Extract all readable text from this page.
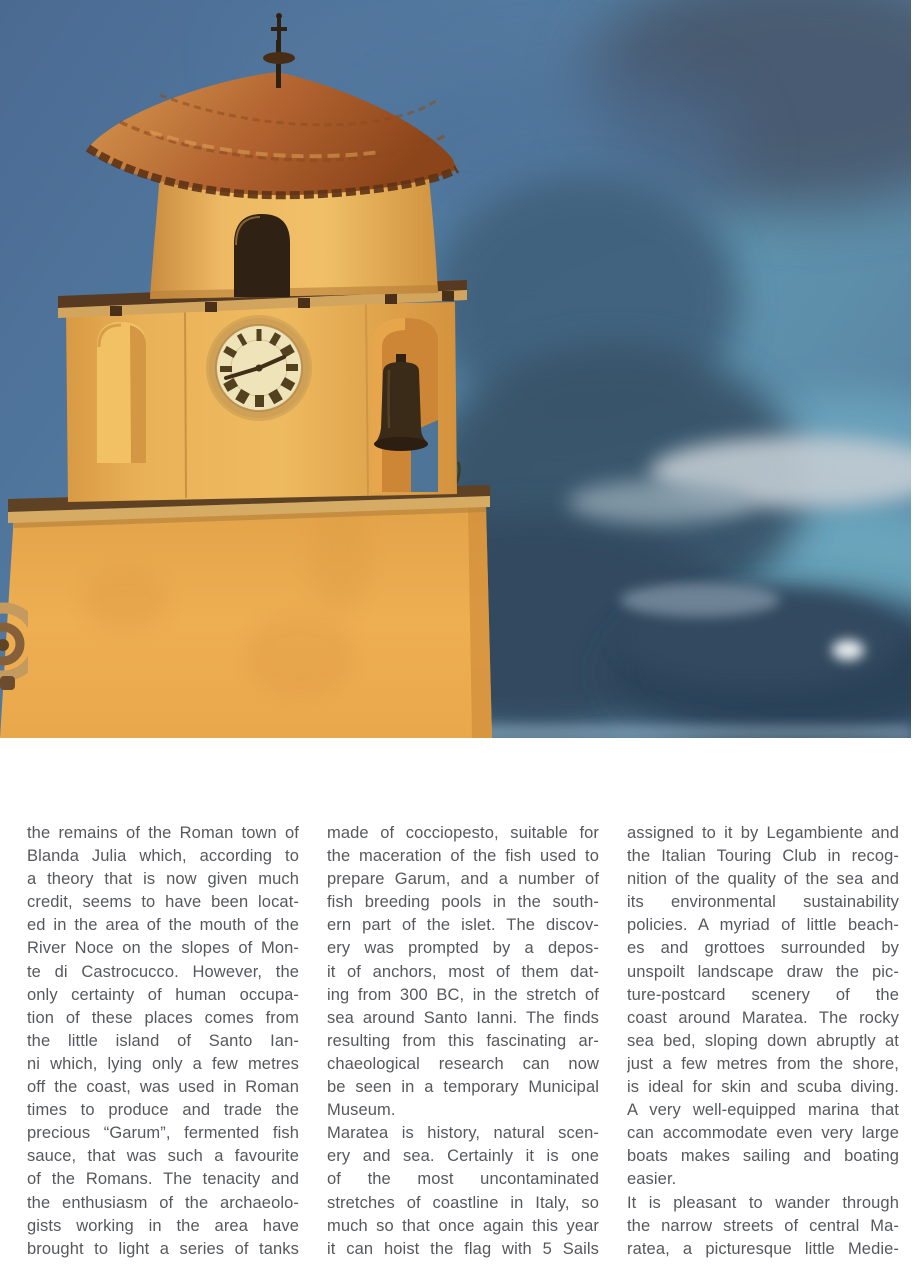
the remains of the Roman town of
Blanda Julia which, according to
a theory that is now given much
credit, seems to have been locat-
ed in the area of the mouth of the
River Noce on the slopes of Mon-
te di Castrocucco. However, the
only certainty of human occupa-
tion of these places comes from
the little island of Santo Ian-
ni which, lying only a few metres
off the coast, was used in Roman
times to produce and trade the
precious “Garum”, fermented fish
sauce, that was such a favourite
of the Romans. The tenacity and
the enthusiasm of the archaeolo-
gists working in the area have
brought to light a series of tanks
made of cocciopesto, suitable for
the maceration of the fish used to
prepare Garum, and a number of
fish breeding pools in the south-
ern part of the islet. The discov-
ery was prompted by a depos-
it of anchors, most of them dat-
ing from 300 BC, in the stretch of
sea around Santo Ianni. The finds
resulting from this fascinating ar-
chaeological research can now
be seen in a temporary Municipal
Museum.
Maratea is history, natural scen-
ery and sea. Certainly it is one
of the most uncontaminated
stretches of coastline in Italy, so
much so that once again this year
it can hoist the flag with 5 Sails
assigned to it by Legambiente and
the Italian Touring Club in recog-
nition of the quality of the sea and
its environmental sustainability
policies. A myriad of little beach-
es and grottoes surrounded by
unspoilt landscape draw the pic-
ture-postcard scenery of the
coast around Maratea. The rocky
sea bed, sloping down abruptly at
just a few metres from the shore,
is ideal for skin and scuba diving.
A very well-equipped marina that
can accommodate even very large
boats makes sailing and boating
easier.
It is pleasant to wander through
the narrow streets of central Ma-
ratea, a picturesque little Medie-
